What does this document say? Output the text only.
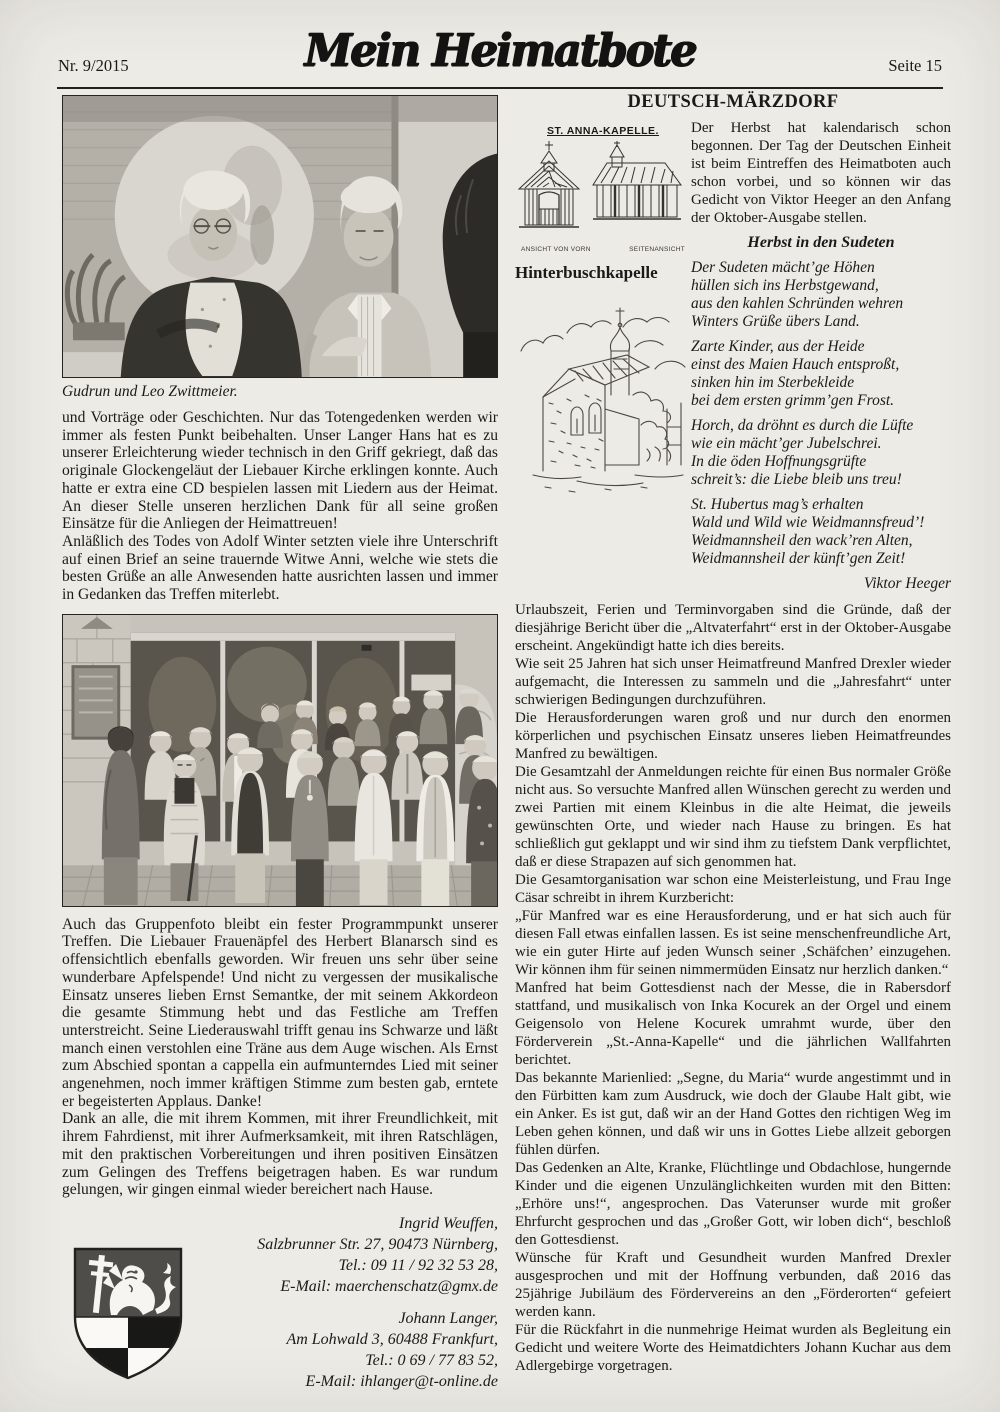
Nr. 9/2015	Mein Heimatbote	Seite 15
Gudrun und Leo Zwittmeier.

und Vorträge oder Geschichten. Nur das Totengedenken werden wir immer als festen Punkt beibehalten. Unser Langer Hans hat es zu unserer Erleichterung wieder technisch in den Griff gekriegt, daß das originale Glockengeläut der Liebauer Kirche erklingen konnte. Auch hatte er extra eine CD bespielen lassen mit Liedern aus der Heimat. An dieser Stelle unseren herzlichen Dank für all seine großen Einsätze für die Anliegen der Heimattreuen!

Anläßlich des Todes von Adolf Winter setzten viele ihre Unterschrift auf einen Brief an seine trauernde Witwe Anni, welche wie stets die besten Grüße an alle Anwesenden hatte ausrichten lassen und immer in Gedanken das Treffen miterlebt.

Auch das Gruppenfoto bleibt ein fester Programmpunkt unserer Treffen. Die Liebauer Frauenäpfel des Herbert Blanarsch sind es offensichtlich ebenfalls geworden. Wir freuen uns sehr über seine wunderbare Apfelspende! Und nicht zu vergessen der musikalische Einsatz unseres lieben Ernst Semantke, der mit seinem Akkordeon die gesamte Stimmung hebt und das Festliche am Treffen unterstreicht. Seine Liederauswahl trifft genau ins Schwarze und läßt manch einen verstohlen eine Träne aus dem Auge wischen. Als Ernst zum Abschied spontan a cappella ein aufmunterndes Lied mit seiner angenehmen, noch immer kräftigen Stimme zum besten gab, erntete er begeisterten Applaus. Danke!

Dank an alle, die mit ihrem Kommen, mit ihrer Freundlichkeit, mit ihrem Fahrdienst, mit ihrer Aufmerksamkeit, mit ihren Ratschlägen, mit den praktischen Vorbereitungen und ihren positiven Einsätzen zum Gelingen des Treffens beigetragen haben. Es war rundum gelungen, wir gingen einmal wieder bereichert nach Hause.

Ingrid Weuffen,
Salzbrunner Str. 27, 90473 Nürnberg,
Tel.: 09 11 / 92 32 53 28,
E-Mail: maerchenschatz@gmx.de
Johann Langer,
Am Lohwald 3, 60488 Frankfurt,
Tel.: 0 69 / 77 83 52,
E-Mail: ihlanger@t-online.de
DEUTSCH-MÄRZDORF
ST. ANNA-KAPELLE.
ANSICHT VON VORN	SEITENANSICHT
Hinterbuschkapelle

Der Herbst hat kalendarisch schon begonnen. Der Tag der Deutschen Einheit ist beim Eintreffen des Heimatboten auch schon vorbei, und so können wir das Gedicht von Viktor Heeger an den Anfang der Oktober-Ausgabe stellen.

Herbst in den Sudeten
Der Sudeten mächt’ge Höhen
hüllen sich ins Herbstgewand,
aus den kahlen Schründen wehren
Winters Grüße übers Land.
Zarte Kinder, aus der Heide
einst des Maien Hauch entsproßt,
sinken hin im Sterbekleide
bei dem ersten grimm’gen Frost.
Horch, da dröhnt es durch die Lüfte
wie ein mächt’ger Jubelschrei.
In die öden Hoffnungsgrüfte
schreit’s: die Liebe bleib uns treu!
St. Hubertus mag’s erhalten
Wald und Wild wie Weidmannsfreud’!
Weidmannsheil den wack’ren Alten,
Weidmannsheil der künft’gen Zeit!
Viktor Heeger

Urlaubszeit, Ferien und Terminvorgaben sind die Gründe, daß der diesjährige Bericht über die „Altvaterfahrt“ erst in der Oktober-Ausgabe erscheint. Angekündigt hatte ich dies bereits.

Wie seit 25 Jahren hat sich unser Heimatfreund Manfred Drexler wieder aufgemacht, die Interessen zu sammeln und die „Jahresfahrt“ unter schwierigen Bedingungen durchzuführen.

Die Herausforderungen waren groß und nur durch den enormen körperlichen und psychischen Einsatz unseres lieben Heimatfreundes Manfred zu bewältigen.

Die Gesamtzahl der Anmeldungen reichte für einen Bus normaler Größe nicht aus. So versuchte Manfred allen Wünschen gerecht zu werden und zwei Partien mit einem Kleinbus in die alte Heimat, die jeweils gewünschten Orte, und wieder nach Hause zu bringen. Es hat schließlich gut geklappt und wir sind ihm zu tiefstem Dank verpflichtet, daß er diese Strapazen auf sich genommen hat.

Die Gesamtorganisation war schon eine Meisterleistung, und Frau Inge Cäsar schreibt in ihrem Kurzbericht:

„Für Manfred war es eine Herausforderung, und er hat sich auch für diesen Fall etwas einfallen lassen. Es ist seine menschenfreundliche Art, wie ein guter Hirte auf jeden Wunsch seiner ‚Schäfchen’ einzugehen. Wir können ihm für seinen nimmermüden Einsatz nur herzlich danken.“

Manfred hat beim Gottesdienst nach der Messe, die in Rabersdorf stattfand, und musikalisch von Inka Kocurek an der Orgel und einem Geigensolo von Helene Kocurek umrahmt wurde, über den Förderverein „St.-Anna-Kapelle“ und die jährlichen Wallfahrten berichtet.

Das bekannte Marienlied: „Segne, du Maria“ wurde angestimmt und in den Fürbitten kam zum Ausdruck, wie doch der Glaube Halt gibt, wie ein Anker. Es ist gut, daß wir an der Hand Gottes den richtigen Weg im Leben gehen können, und daß wir uns in Gottes Liebe allzeit geborgen fühlen dürfen.

Das Gedenken an Alte, Kranke, Flüchtlinge und Obdachlose, hungernde Kinder und die eigenen Unzulänglichkeiten wurden mit den Bitten: „Erhöre uns!“, angesprochen. Das Vaterunser wurde mit großer Ehrfurcht gesprochen und das „Großer Gott, wir loben dich“, beschloß den Gottesdienst.

Wünsche für Kraft und Gesundheit wurden Manfred Drexler ausgesprochen und mit der Hoffnung verbunden, daß 2016 das 25jährige Jubiläum des Fördervereins an den „Förderorten“ gefeiert werden kann.

Für die Rückfahrt in die nunmehrige Heimat wurden als Begleitung ein Gedicht und weitere Worte des Heimatdichters Johann Kuchar aus dem Adlergebirge vorgetragen.
